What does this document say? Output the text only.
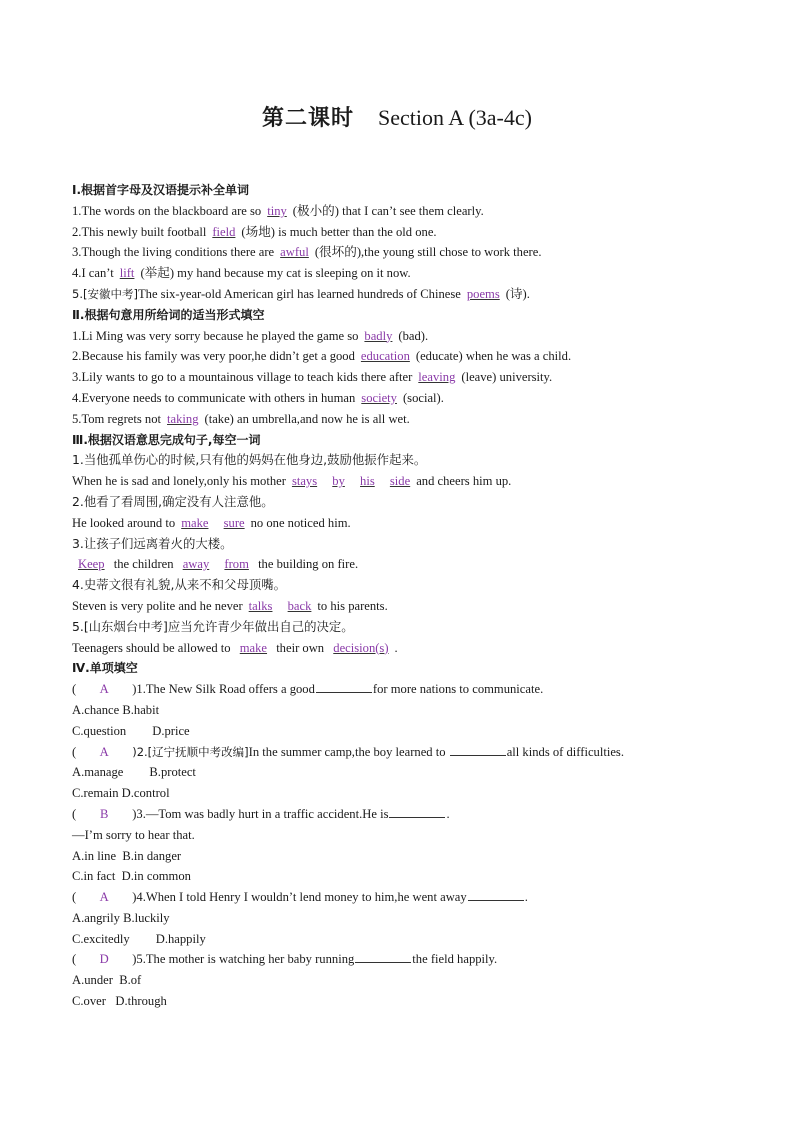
第二课时 Section A (3a-4c)
Ⅰ.根据首字母及汉语提示补全单词
1.The words on the blackboard are so tiny (极小的) that I can’t see them clearly.
2.This newly built football field (场地) is much better than the old one.
3.Though the living conditions there are awful (很坏的),the young still chose to work there.
4.I can’t lift (举起) my hand because my cat is sleeping on it now.
5.[安徽中考]The six-year-old American girl has learned hundreds of Chinese poems (诗).
Ⅱ.根据句意用所给词的适当形式填空
1.Li Ming was very sorry because he played the game so badly (bad).
2.Because his family was very poor,he didn’t get a good education (educate) when he was a child.
3.Lily wants to go to a mountainous village to teach kids there after leaving (leave) university.
4.Everyone needs to communicate with others in human society (social).
5.Tom regrets not taking (take) an umbrella,and now he is all wet.
Ⅲ.根据汉语意思完成句子,每空一词
1.当他孤单伤心的时候,只有他的妈妈在他身边,鼓励他振作起来。
When he is sad and lonely,only his mother stays by his side and cheers him up.
2.他看了看周围,确定没有人注意他。
He looked around to make sure no one noticed him.
3.让孩子们远离着火的大楼。
Keep the children away from the building on fire.
4.史蒂文很有礼貌,从来不和父母顶嘴。
Steven is very polite and he never talks back to his parents.
5.[山东烟台中考]应当允许青少年做出自己的决定。
Teenagers should be allowed to make their own decision(s) .
Ⅳ.单项填空
( A )1.The New Silk Road offers a good	for more nations to communicate.
A.chance B.habit
C.question D.price
( A )2.[辽宁抚顺中考改编]In the summer camp,the boy learned to	all kinds of difficulties.
A.manage B.protect
C.remain D.control
( B )3.—Tom was badly hurt in a traffic accident.He is	.
—I’m sorry to hear that.
A.in line  B.in danger
C.in fact  D.in common
( A )4.When I told Henry I wouldn’t lend money to him,he went away	.
A.angrily B.luckily
C.excitedly D.happily
( D )5.The mother is watching her baby running	the field happily.
A.under  B.of
C.over   D.through
